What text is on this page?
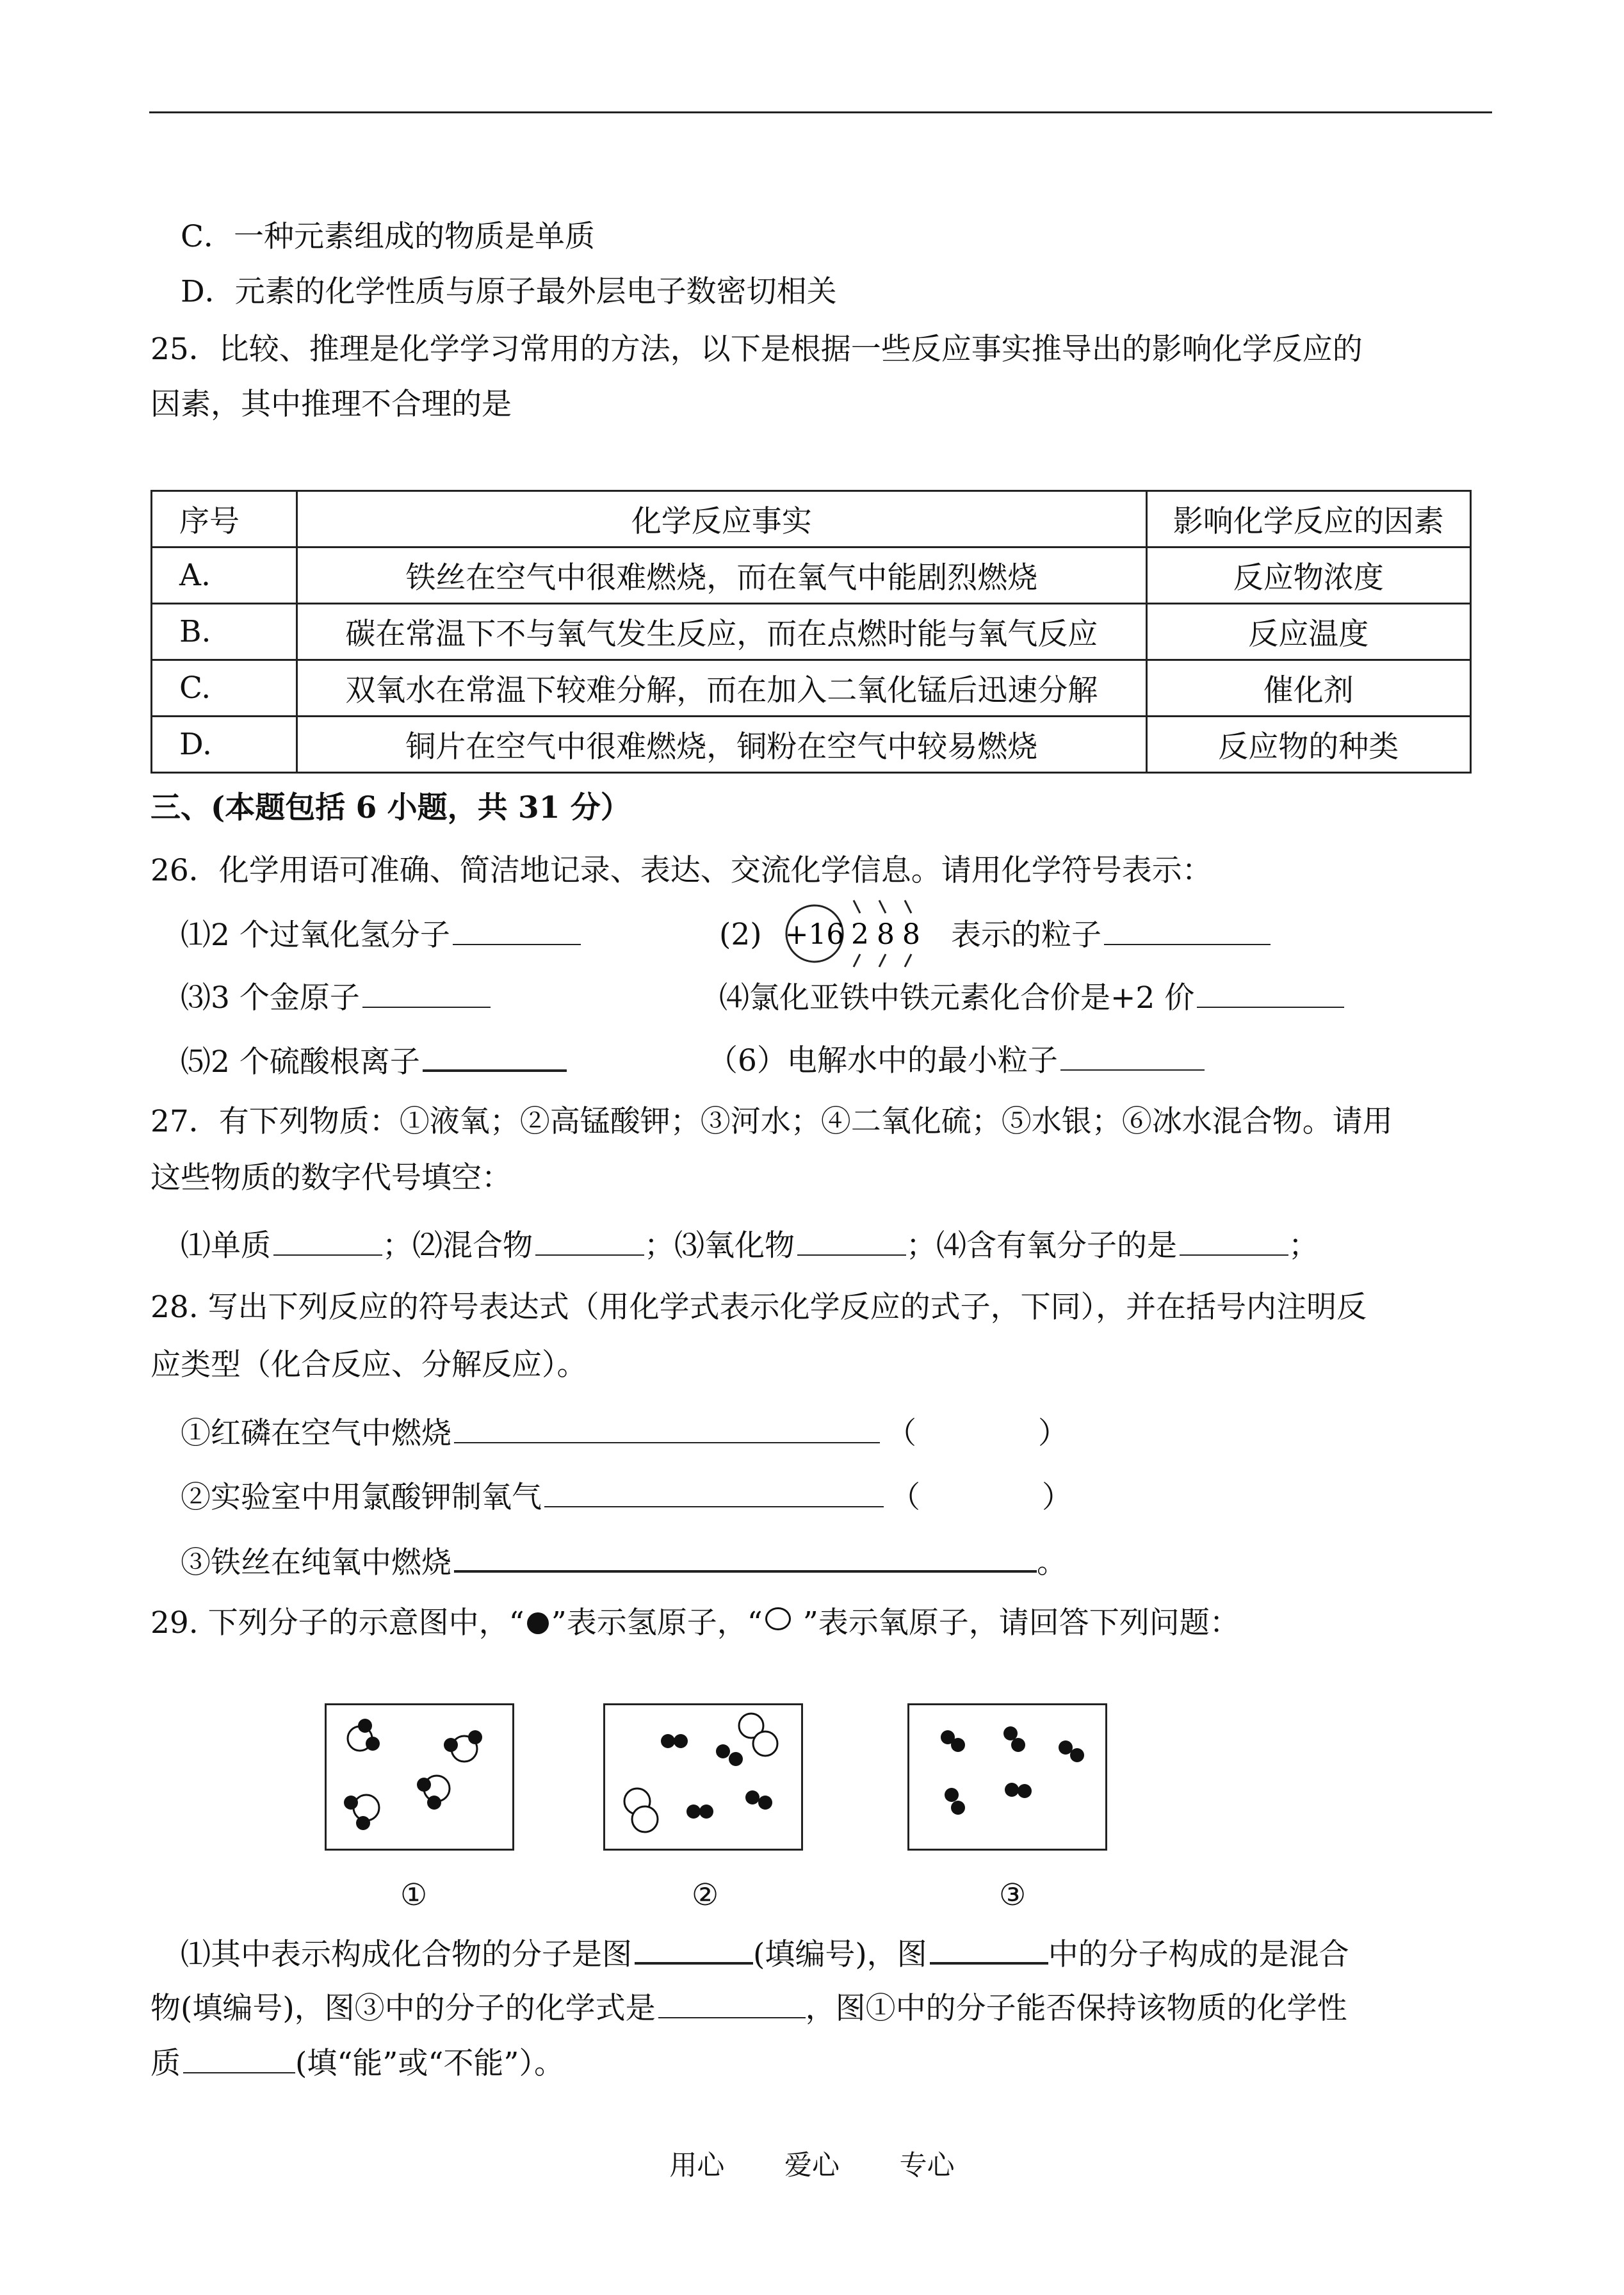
C．一种元素组成的物质是单质
D．元素的化学性质与原子最外层电子数密切相关
25．比较、推理是化学学习常用的方法，以下是根据一些反应事实推导出的影响化学反应的
因素，其中推理不合理的是
序号	化学反应事实	影响化学反应的因素
A.	铁丝在空气中很难燃烧，而在氧气中能剧烈燃烧	反应物浓度
B.	碳在常温下不与氧气发生反应，而在点燃时能与氧气反应	反应温度
C.	双氧水在常温下较难分解，而在加入二氧化锰后迅速分解	催化剂
D.	铜片在空气中很难燃烧，铜粉在空气中较易燃烧	反应物的种类
三、(本题包括 6 小题，共 31 分）
26．化学用语可准确、简洁地记录、表达、交流化学信息。请用化学符号表示：
⑴2 个过氧化氢分子	(2) +16 2 8 8 表示的粒子
⑶3 个金原子	⑷氯化亚铁中铁元素化合价是+2 价
⑸2 个硫酸根离子	（6）电解水中的最小粒子
27．有下列物质：①液氧；②高锰酸钾；③河水；④二氧化硫；⑤水银；⑥冰水混合物。请用
这些物质的数字代号填空：
⑴单质	；⑵混合物	；⑶氧化物	；⑷含有氧分子的是	；
28. 写出下列反应的符号表达式（用化学式表示化学反应的式子，下同），并在括号内注明反
应类型（化合反应、分解反应）。
①红磷在空气中燃烧	（	）
②实验室中用氯酸钾制氧气	（	）
③铁丝在纯氧中燃烧	。
29. 下列分子的示意图中，“ ”表示氢原子，“ ”表示氧原子，请回答下列问题：
①	②	③
⑴其中表示构成化合物的分子是图	(填编号)，图	中的分子构成的是混合
物(填编号)，图③中的分子的化学式是	，图①中的分子能否保持该物质的化学性
质	(填“能”或“不能”）。
用心 爱心 专心
